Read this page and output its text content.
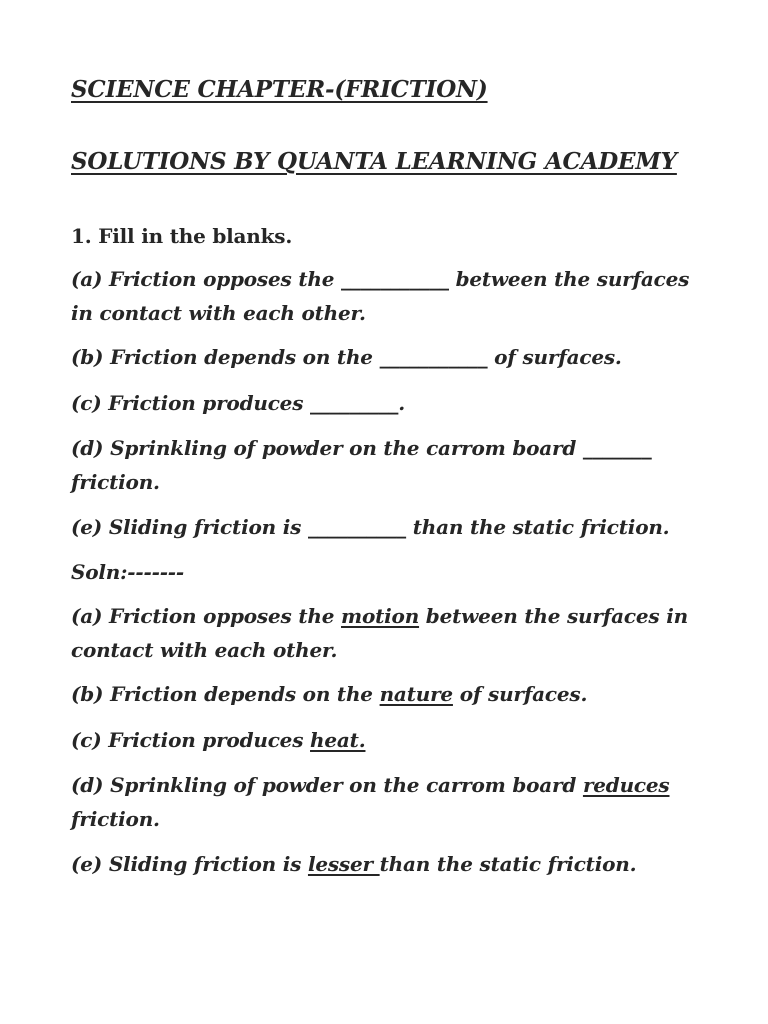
SCIENCE CHAPTER-(FRICTION)
SOLUTIONS BY QUANTA LEARNING ACADEMY
1. Fill in the blanks.
(a) Friction opposes the ___________ between the surfaces in contact with each other.
(b) Friction depends on the ___________ of surfaces.
(c) Friction produces _________.
(d) Sprinkling of powder on the carrom board _______ friction.
(e) Sliding friction is __________ than the static friction.
Soln:-------
(a) Friction opposes the motion between the surfaces in contact with each other.
(b) Friction depends on the nature of surfaces.
(c) Friction produces heat.
(d) Sprinkling of powder on the carrom board reduces friction.
(e) Sliding friction is lesser than the static friction.
